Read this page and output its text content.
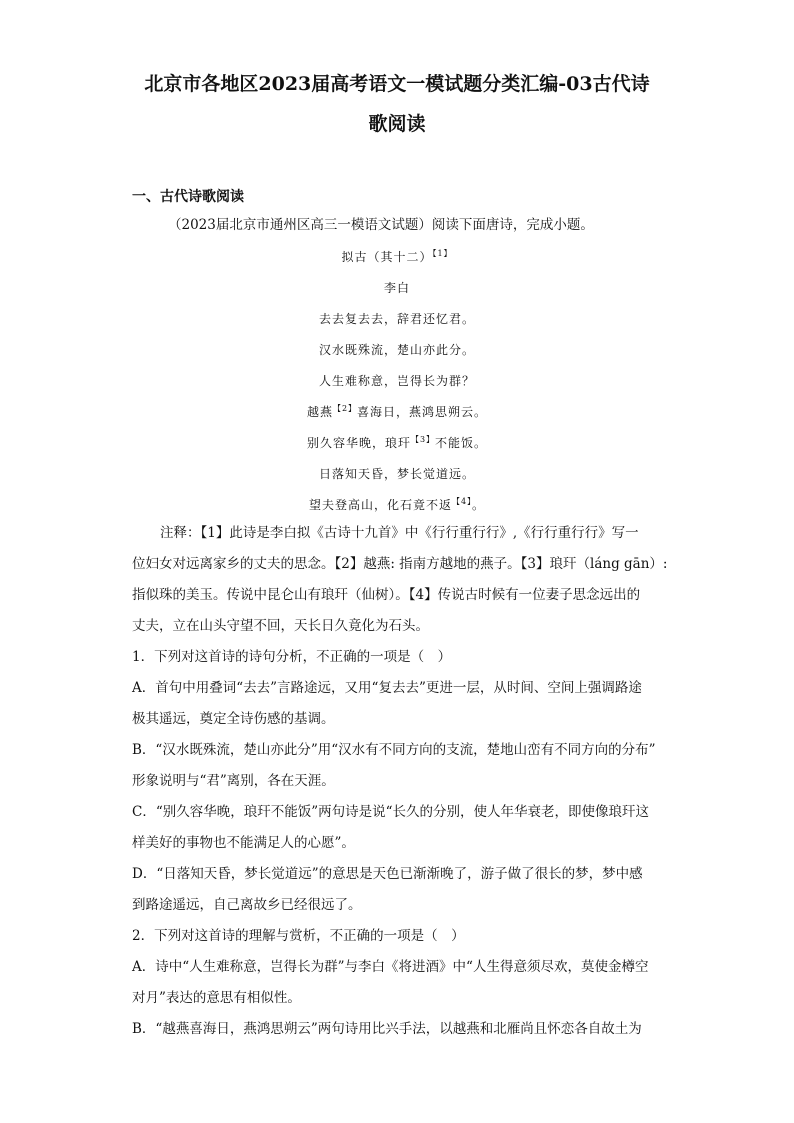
北京市各地区2023届高考语文一模试题分类汇编-03古代诗
歌阅读
一、古代诗歌阅读
（2023届北京市通州区高三一模语文试题）阅读下面唐诗，完成小题。
拟古（其十二）$^{【1】}$
李白
去去复去去，辞君还忆君。
汉水既殊流，楚山亦此分。
人生难称意，岂得长为群？
越燕$^{【2】}$喜海日，燕鸿思朔云。
别久容华晚，琅玕$^{【3】}$不能饭。
日落知天昏，梦长觉道远。
望夫登高山，化石竟不返$^{【4】}$。
注释：【1】此诗是李白拟《古诗十九首》中《行行重行行》,《行行重行行》写一
位妇女对远离家乡的丈夫的思念。【2】越燕: 指南方越地的燕子。【3】琅玕（láng gān）:
指似珠的美玉。传说中昆仑山有琅玕（仙树）。【4】传说古时候有一位妻子思念远出的
丈夫，立在山头守望不回，天长日久竟化为石头。
1．下列对这首诗的诗句分析，不正确的一项是（　）
A．首句中用叠词“去去”言路途远，又用“复去去”更进一层，从时间、空间上强调路途
极其遥远，奠定全诗伤感的基调。
B．“汉水既殊流，楚山亦此分”用“汉水有不同方向的支流，楚地山峦有不同方向的分布”
形象说明与“君”离别，各在天涯。
C．“别久容华晚，琅玕不能饭”两句诗是说“长久的分别，使人年华衰老，即使像琅玕这
样美好的事物也不能满足人的心愿”。
D．“日落知天昏，梦长觉道远”的意思是天色已渐渐晚了，游子做了很长的梦，梦中感
到路途遥远，自己离故乡已经很远了。
2．下列对这首诗的理解与赏析，不正确的一项是（　）
A．诗中“人生难称意，岂得长为群”与李白《将进酒》中“人生得意须尽欢，莫使金樽空
对月”表达的意思有相似性。
B．“越燕喜海日，燕鸿思朔云”两句诗用比兴手法，以越燕和北雁尚且怀恋各自故土为
